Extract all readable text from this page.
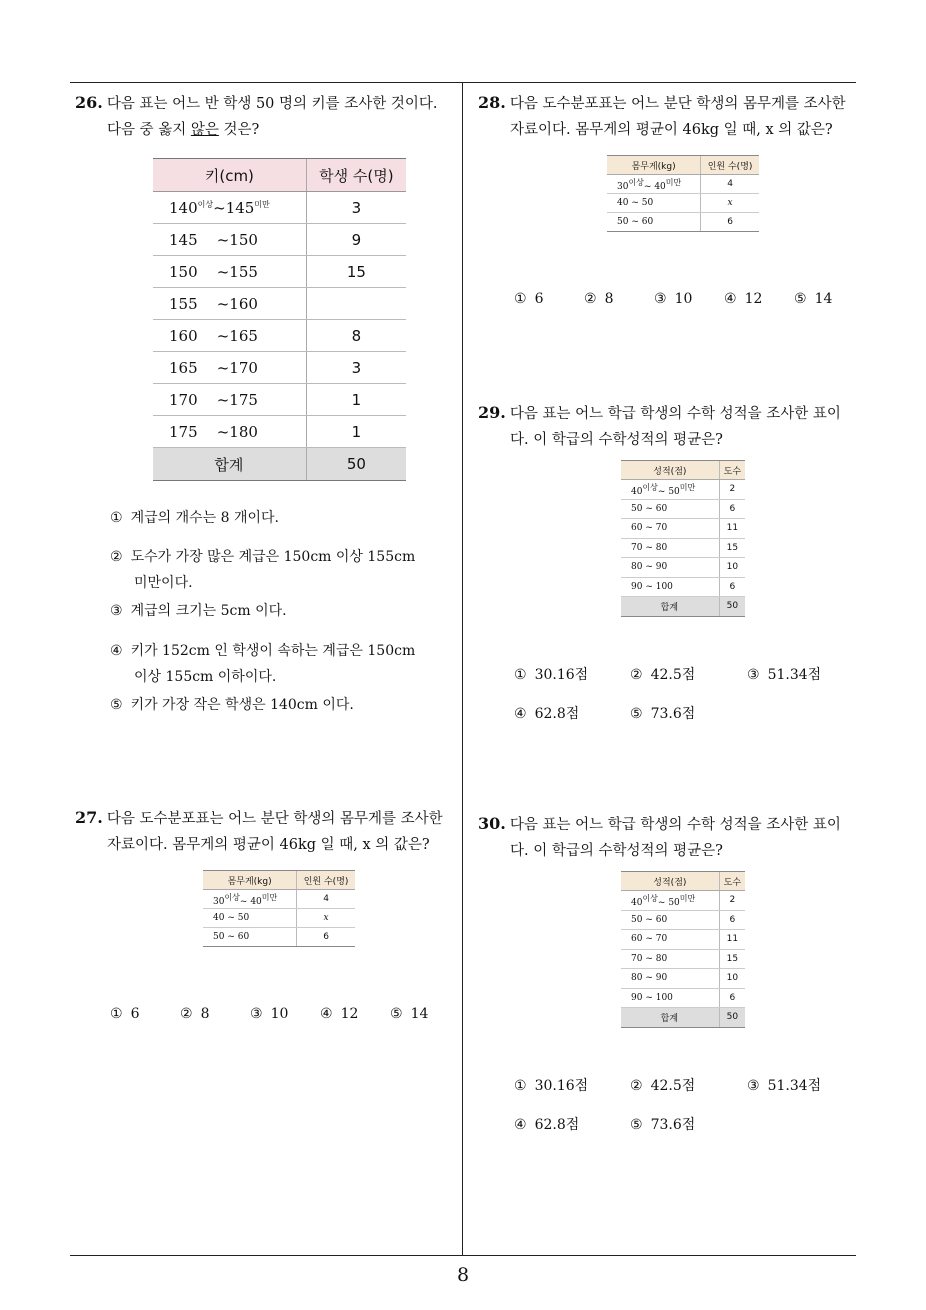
8
26. 다음 표는 어느 반 학생 50 명의 키를 조사한 것이다.
다음 중 옳지 않은 것은?
키(cm)	학생 수(명)
$140^{이상}\sim 145^{미만}$	3
145    ~150	9
150    ~155	15
155    ~160	
160    ~165	8
165    ~170	3
170    ~175	1
175    ~180	1
합계	50
① 계급의 개수는 8 개이다.
② 도수가 가장 많은 계급은 150cm 이상 155cm
미만이다.
③ 계급의 크기는 5cm 이다.
④ 키가 152cm 인 학생이 속하는 계급은 150cm
이상 155cm 이하이다.
⑤ 키가 가장 작은 학생은 140cm 이다.
27. 다음 도수분포표는 어느 분단 학생의 몸무게를 조사한
자료이다. 몸무게의 평균이 46kg 일 때, x 의 값은?
몸무게(kg)	인원 수(명)
$30^{이상}\sim$ $40^{미만}$	4
40 ~ 50	x
50 ~ 60	6
① 6	② 8	③ 10 ④ 12 ⑤ 14
28. 다음 도수분포표는 어느 분단 학생의 몸무게를 조사한
자료이다. 몸무게의 평균이 46kg 일 때, x 의 값은?
몸무게(kg)	인원 수(명)
$30^{이상}\sim$ $40^{미만}$	4
40 ~ 50	x
50 ~ 60	6
① 6	② 8	③ 10 ④ 12 ⑤ 14
29. 다음 표는 어느 학급 학생의 수학 성적을 조사한 표이
다. 이 학급의 수학성적의 평균은?
성적(점)	도수
$40^{이상}\sim$ $50^{미만}$	2
50 ~ 60	6
60 ~ 70	11
70 ~ 80	15
80 ~ 90	10
90 ~ 100	6
합계	50
① 30.16점	② 42.5점	③ 51.34점
④ 62.8점	⑤ 73.6점
30. 다음 표는 어느 학급 학생의 수학 성적을 조사한 표이
다. 이 학급의 수학성적의 평균은?
성적(점)	도수
$40^{이상}\sim$ $50^{미만}$	2
50 ~ 60	6
60 ~ 70	11
70 ~ 80	15
80 ~ 90	10
90 ~ 100	6
합계	50
① 30.16점	② 42.5점	③ 51.34점
④ 62.8점	⑤ 73.6점
